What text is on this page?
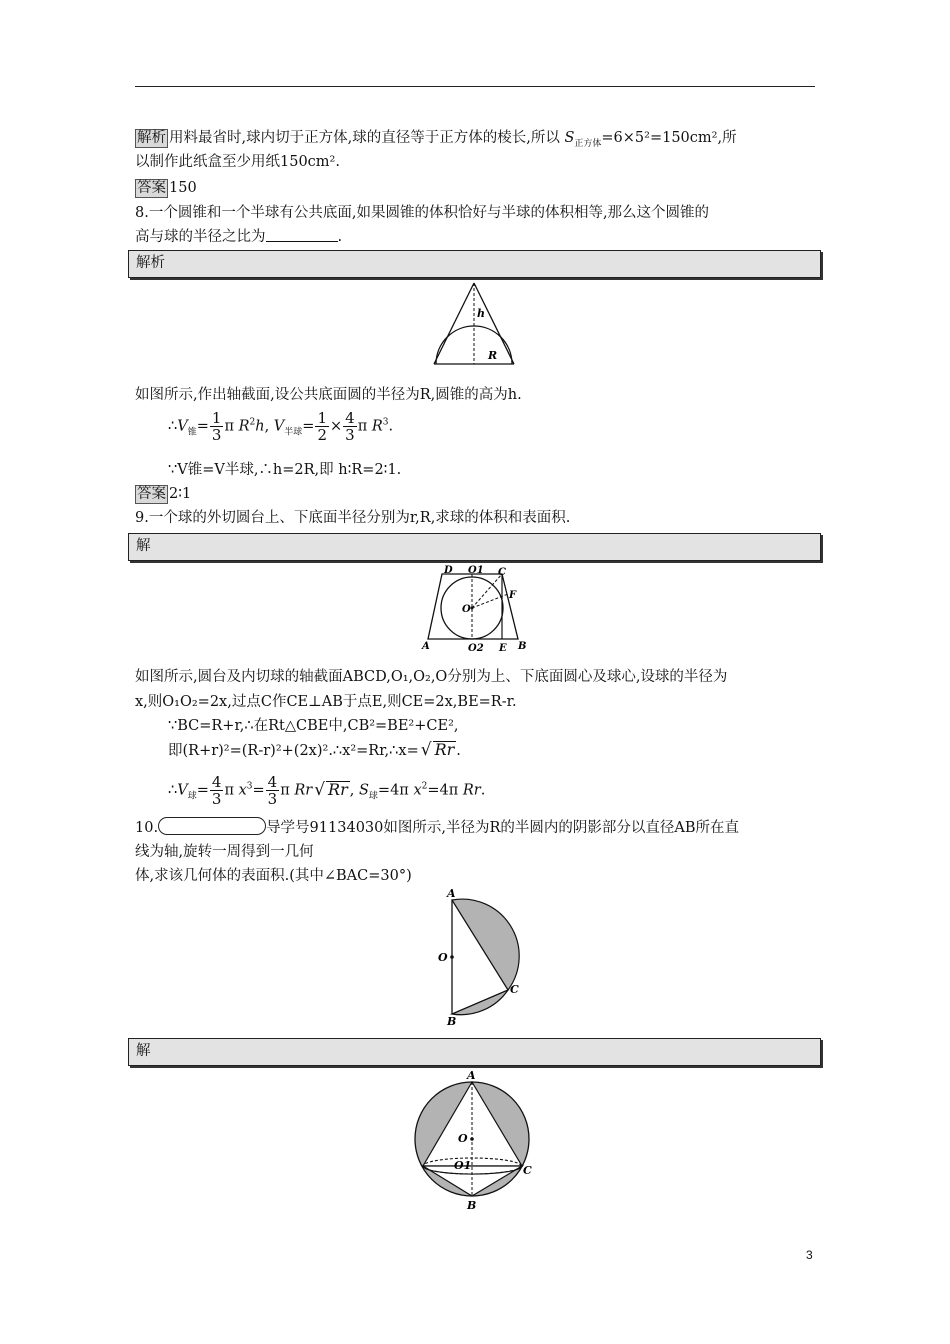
解析 用料最省时,球内切于正方体,球的直径等于正方体的棱长,所以 $S_{正方体}=6\times 5^2=150cm^2$,所
以制作此纸盒至少用纸150cm².
答案 150
8.一个圆锥和一个半球有公共底面,如果圆锥的体积恰好与半球的体积相等,那么这个圆锥的
高与球的半径之比为	.
解析
h
R
如图所示,作出轴截面,设公共底面圆的半径为R,圆锥的高为h.
$\therefore V_锥= \frac{1}{3}$ π $R^2h$, $V_{半球}= \frac{1}{2} \times \frac{4}{3}$ π $R^3$.
∵V锥=V半球,∴h=2R,即 h∶R=2∶1.
答案 2∶1
9.一个球的外切圆台上、下底面半径分别为r,R,求球的体积和表面积.
解
D O1 C
O
F
A	O2 E B
如图所示,圆台及内切球的轴截面ABCD,O₁,O₂,O分别为上、下底面圆心及球心,设球的半径为
x,则O₁O₂=2x,过点C作CE⊥AB于点E,则CE=2x,BE=R-r.
∵BC=R+r,∴在Rt△CBE中,CB²=BE²+CE²,
即(R+r)²=(R-r)²+(2x)².∴x²=Rr,∴x= √ Rr .
$\therefore V_球= \frac{4}{3}$ π $x^3= \frac{4}{3}$ π Rr √ Rr , $S_球=4\pi$ $x^2=4\pi$ Rr.
10.	导学号91134030如图所示,半径为R的半圆内的阴影部分以直径AB所在直
线为轴,旋转一周得到一几何
体,求该几何体的表面积.(其中∠BAC=30°)
A
O
C
B
解
A
O
O1	C
B
3
